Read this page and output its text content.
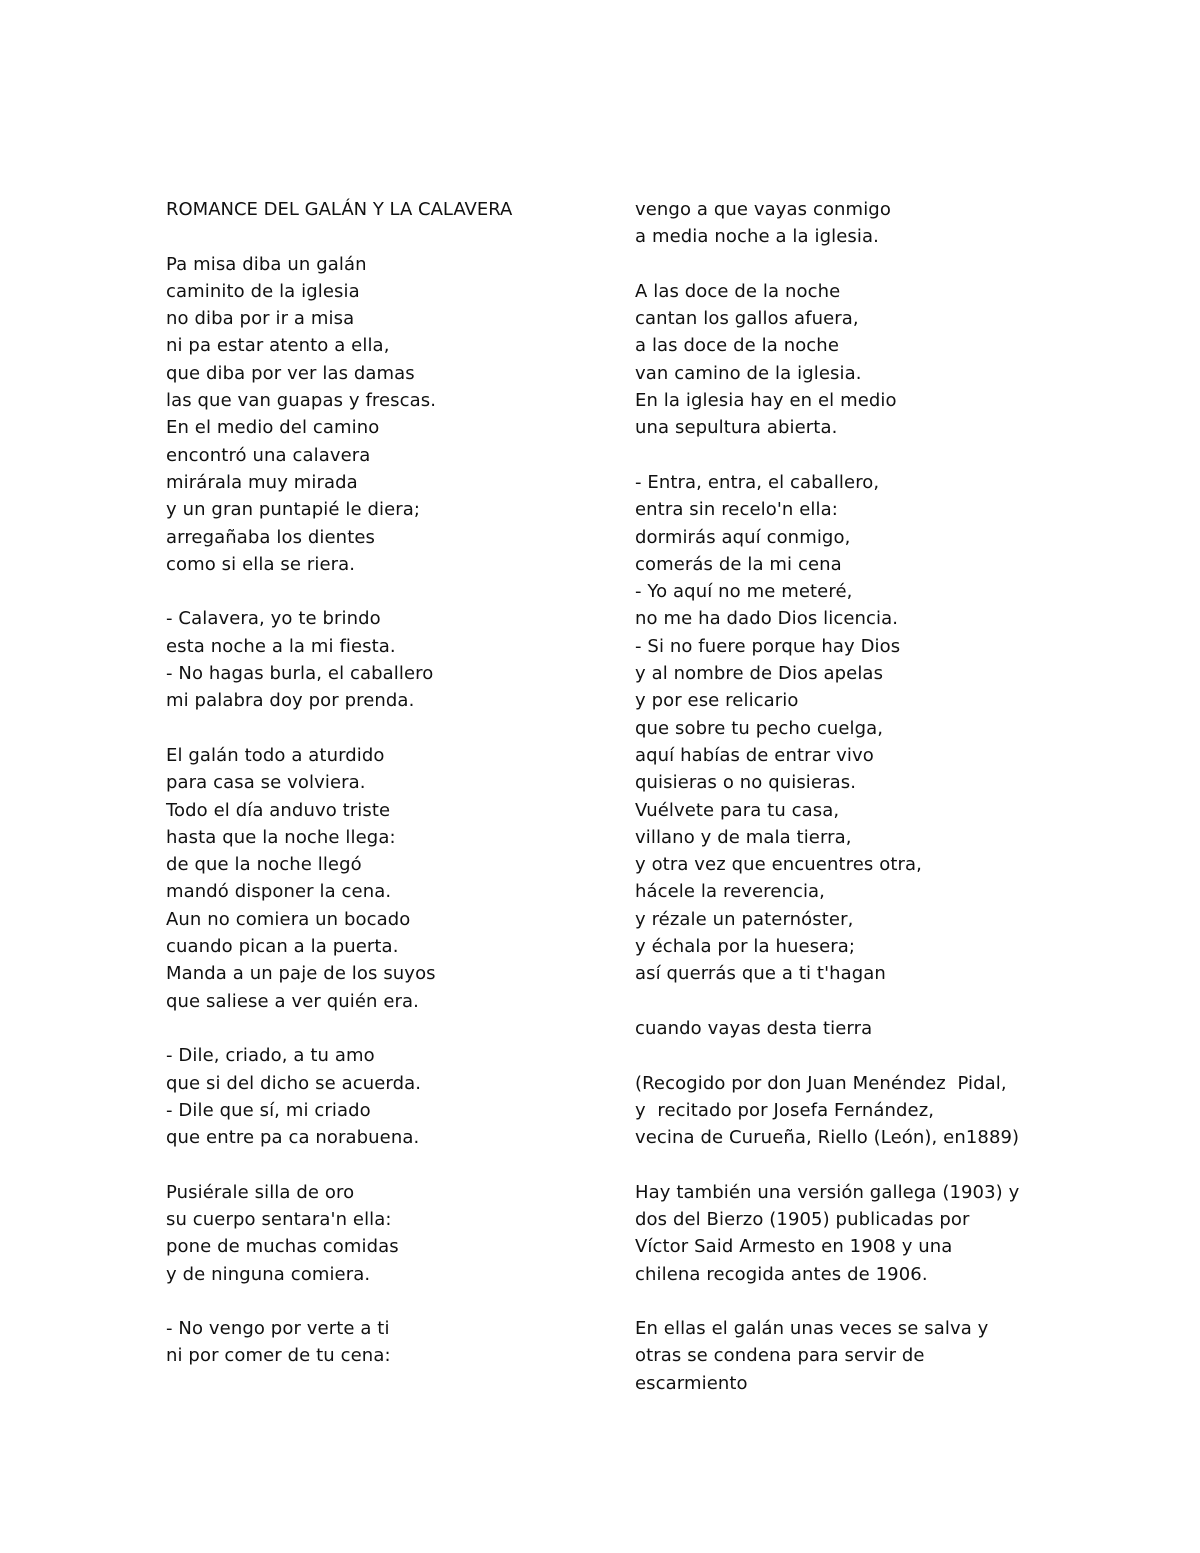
ROMANCE DEL GALÁN Y LA CALAVERA
Pa misa diba un galán
caminito de la iglesia
no diba por ir a misa
ni pa estar atento a ella,
que diba por ver las damas
las que van guapas y frescas.
En el medio del camino
encontró una calavera
mirárala muy mirada
y un gran puntapié le diera;
arregañaba los dientes
como si ella se riera.
- Calavera, yo te brindo
esta noche a la mi fiesta.
- No hagas burla, el caballero
mi palabra doy por prenda.
El galán todo a aturdido
para casa se volviera.
Todo el día anduvo triste
hasta que la noche llega:
de que la noche llegó
mandó disponer la cena.
Aun no comiera un bocado
cuando pican a la puerta.
Manda a un paje de los suyos
que saliese a ver quién era.
- Dile, criado, a tu amo
que si del dicho se acuerda.
- Dile que sí, mi criado
que entre pa ca norabuena.
Pusiérale silla de oro
su cuerpo sentara'n ella:
pone de muchas comidas
y de ninguna comiera.
- No vengo por verte a ti
ni por comer de tu cena:
vengo a que vayas conmigo
a media noche a la iglesia.
A las doce de la noche
cantan los gallos afuera,
a las doce de la noche
van camino de la iglesia.
En la iglesia hay en el medio
una sepultura abierta.
- Entra, entra, el caballero,
entra sin recelo'n ella:
dormirás aquí conmigo,
comerás de la mi cena
- Yo aquí no me meteré,
no me ha dado Dios licencia.
- Si no fuere porque hay Dios
y al nombre de Dios apelas
y por ese relicario
que sobre tu pecho cuelga,
aquí habías de entrar vivo
quisieras o no quisieras.
Vuélvete para tu casa,
villano y de mala tierra,
y otra vez que encuentres otra,
hácele la reverencia,
y rézale un paternóster,
y échala por la huesera;
así querrás que a ti t'hagan
cuando vayas desta tierra
(Recogido por don Juan Menéndez  Pidal,
y  recitado por Josefa Fernández,
vecina de Curueña, Riello (León), en1889)
Hay también una versión gallega (1903) y
dos del Bierzo (1905) publicadas por
Víctor Said Armesto en 1908 y una
chilena recogida antes de 1906.
En ellas el galán unas veces se salva y
otras se condena para servir de
escarmiento
